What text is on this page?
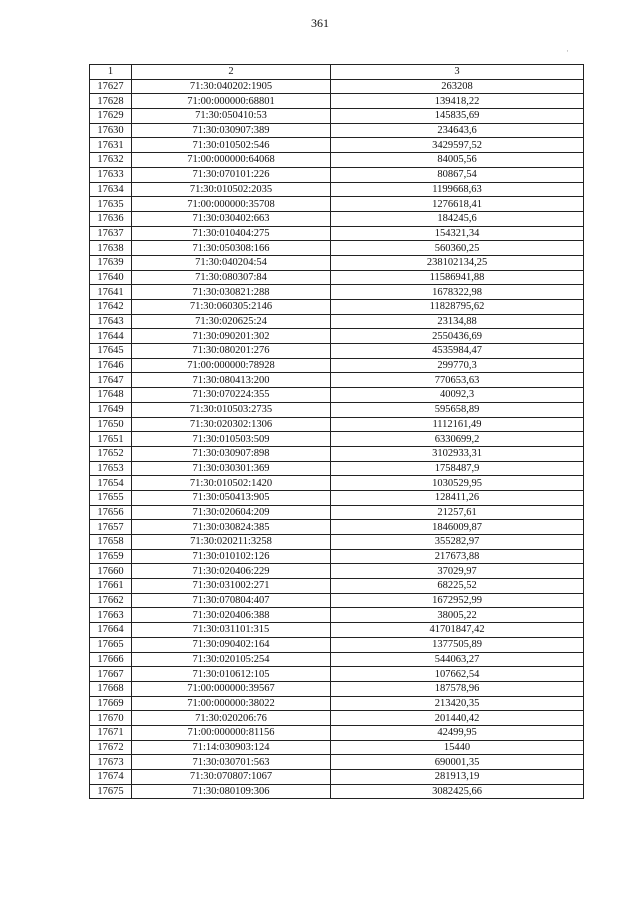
361
·
1	2	3
17627	71:30:040202:1905	263208
17628	71:00:000000:68801	139418,22
17629	71:30:050410:53	145835,69
17630	71:30:030907:389	234643,6
17631	71:30:010502:546	3429597,52
17632	71:00:000000:64068	84005,56
17633	71:30:070101:226	80867,54
17634	71:30:010502:2035	1199668,63
17635	71:00:000000:35708	1276618,41
17636	71:30:030402:663	184245,6
17637	71:30:010404:275	154321,34
17638	71:30:050308:166	560360,25
17639	71:30:040204:54	238102134,25
17640	71:30:080307:84	11586941,88
17641	71:30:030821:288	1678322,98
17642	71:30:060305:2146	11828795,62
17643	71:30:020625:24	23134,88
17644	71:30:090201:302	2550436,69
17645	71:30:080201:276	4535984,47
17646	71:00:000000:78928	299770,3
17647	71:30:080413:200	770653,63
17648	71:30:070224:355	40092,3
17649	71:30:010503:2735	595658,89
17650	71:30:020302:1306	1112161,49
17651	71:30:010503:509	6330699,2
17652	71:30:030907:898	3102933,31
17653	71:30:030301:369	1758487,9
17654	71:30:010502:1420	1030529,95
17655	71:30:050413:905	128411,26
17656	71:30:020604:209	21257,61
17657	71:30:030824:385	1846009,87
17658	71:30:020211:3258	355282,97
17659	71:30:010102:126	217673,88
17660	71:30:020406:229	37029,97
17661	71:30:031002:271	68225,52
17662	71:30:070804:407	1672952,99
17663	71:30:020406:388	38005,22
17664	71:30:031101:315	41701847,42
17665	71:30:090402:164	1377505,89
17666	71:30:020105:254	544063,27
17667	71:30:010612:105	107662,54
17668	71:00:000000:39567	187578,96
17669	71:00:000000:38022	213420,35
17670	71:30:020206:76	201440,42
17671	71:00:000000:81156	42499,95
17672	71:14:030903:124	15440
17673	71:30:030701:563	690001,35
17674	71:30:070807:1067	281913,19
17675	71:30:080109:306	3082425,66
